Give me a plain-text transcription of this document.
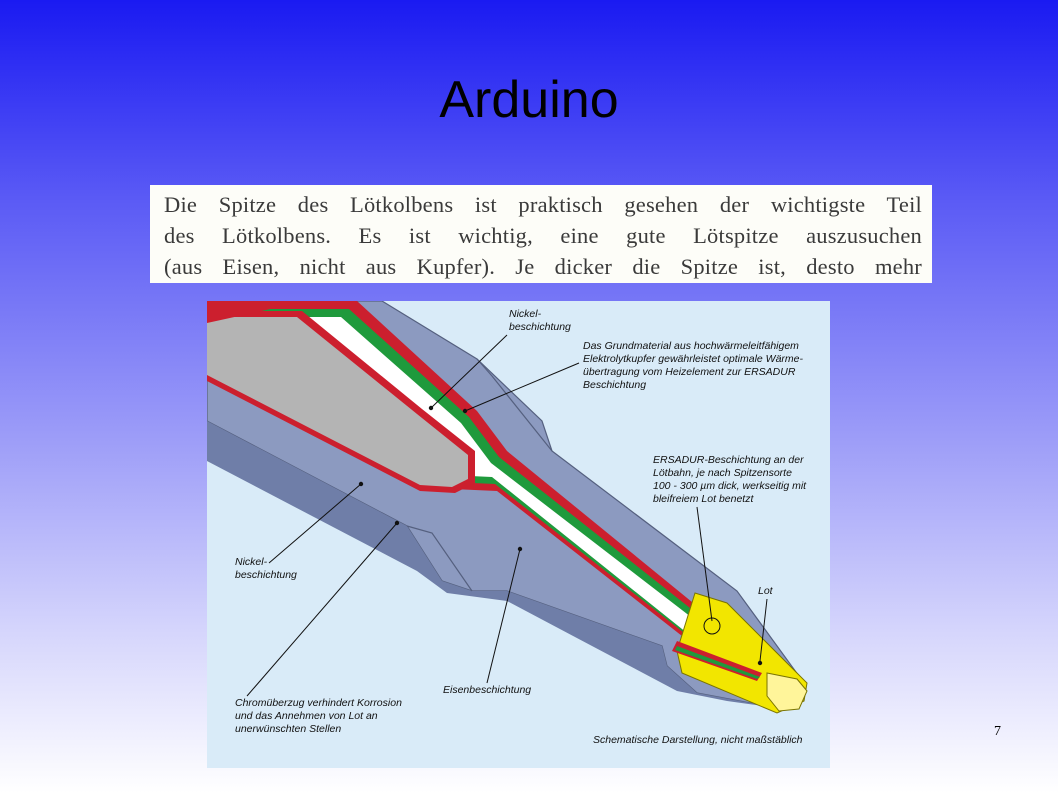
Arduino
Die Spitze des Lötkolbens ist praktisch gesehen der wichtigste Teil
des Lötkolbens. Es ist wichtig, eine gute Lötspitze auszusuchen
(aus Eisen, nicht aus Kupfer). Je dicker die Spitze ist, desto mehr
Nickel-
beschichtung
Das Grundmaterial aus hochwärmeleitfähigem
Elektrolytkupfer gewährleistet optimale Wärme-
übertragung vom Heizelement zur ERSADUR
Beschichtung
ERSADUR-Beschichtung an der
Lötbahn, je nach Spitzensorte
100 - 300 µm dick, werkseitig mit
bleifreiem Lot benetzt
Lot
Nickel-
beschichtung
Chromüberzug verhindert Korrosion
und das Annehmen von Lot an
unerwünschten Stellen
Eisenbeschichtung
Schematische Darstellung, nicht maßstäblich
7
